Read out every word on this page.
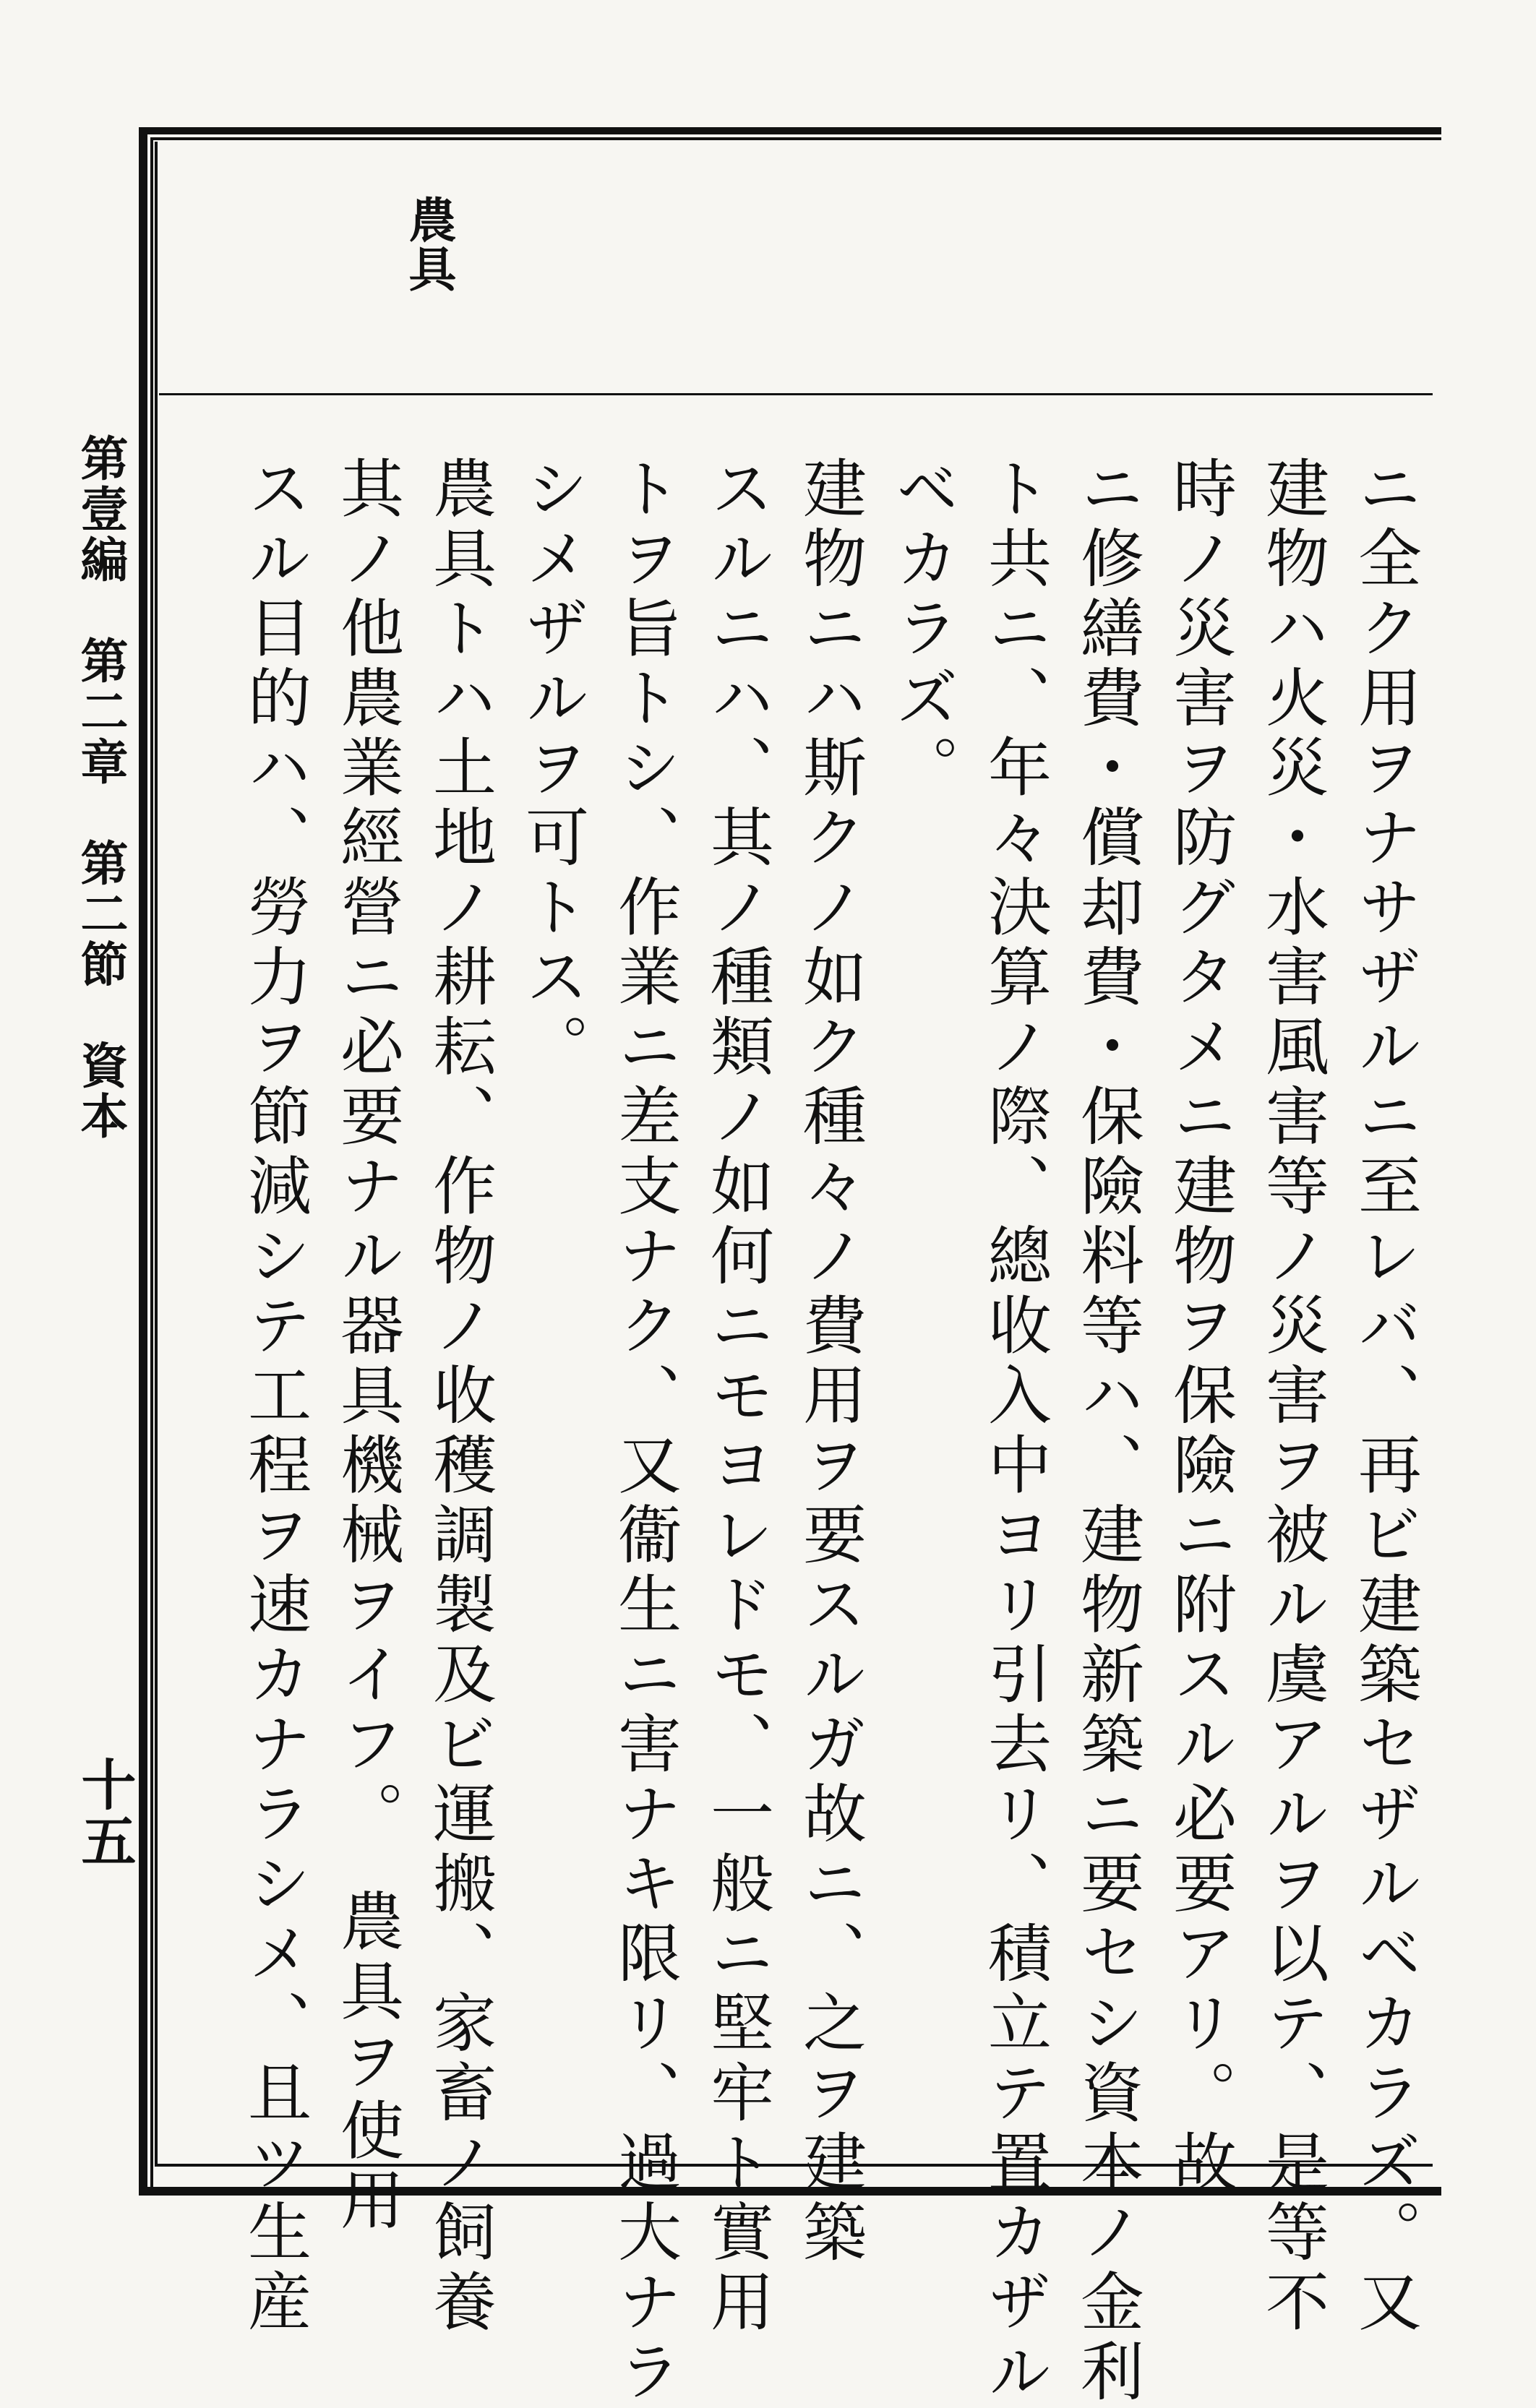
農具
ニ全ク用ヲナサザルニ至レバ、再ビ建築セザルベカラズ。又
建物ハ火災・水害風害等ノ災害ヲ被ル虞アルヲ以テ、是等不
時ノ災害ヲ防グタメニ建物ヲ保險ニ附スル必要アリ。故
ニ修繕費・償却費・保險料等ハ、建物新築ニ要セシ資本ノ金利
ト共ニ、年々決算ノ際、總收入中ヨリ引去リ、積立テ置カザル
ベカラズ。
建物ニハ斯クノ如ク種々ノ費用ヲ要スルガ故ニ、之ヲ建築
スルニハ、其ノ種類ノ如何ニモヨレドモ、一般ニ堅牢ト實用
トヲ旨トシ、作業ニ差支ナク、又衞生ニ害ナキ限リ、過大ナラ
シメザルヲ可トス。
農具トハ土地ノ耕耘、作物ノ收穫調製及ビ運搬、家畜ノ飼養
其ノ他農業經營ニ必要ナル器具機械ヲイフ。　農具ヲ使用
スル目的ハ、勞力ヲ節減シテ工程ヲ速カナラシメ、且ツ生産
第壹編　第二章　第二節　資本
十五
